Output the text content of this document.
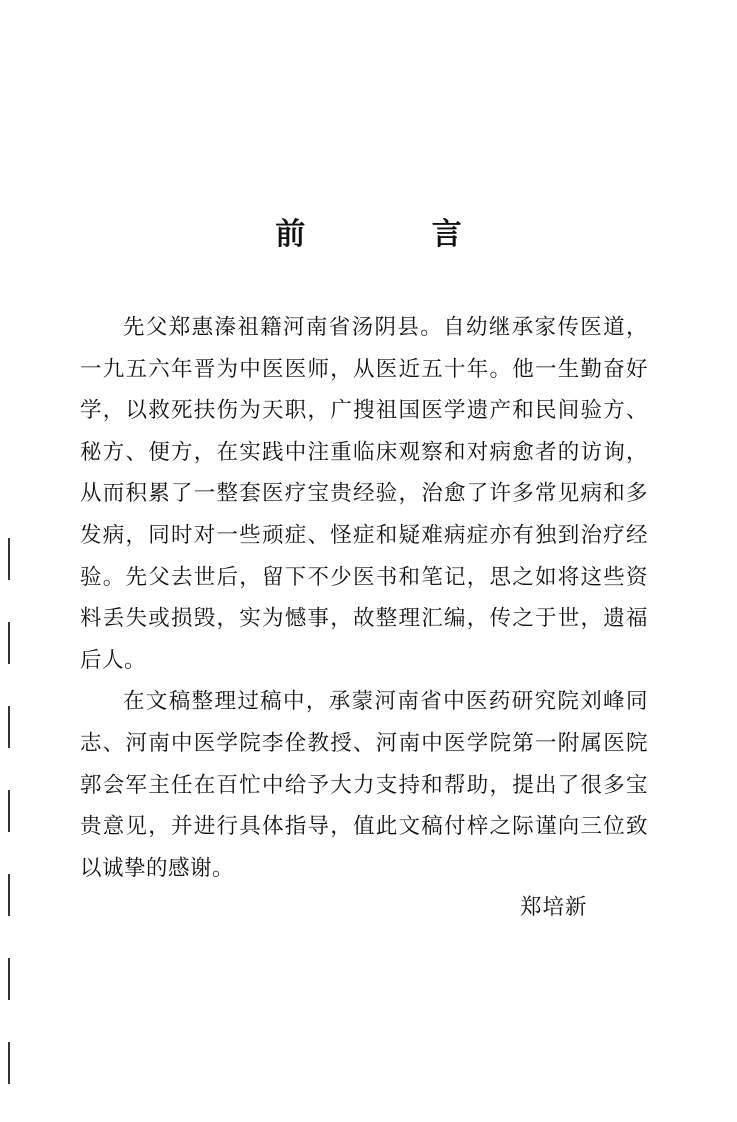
前 言

先父郑惠溱祖籍河南省汤阴县。自幼继承家传医道，一九五六年晋为中医医师，从医近五十年。他一生勤奋好学，以救死扶伤为天职，广搜祖国医学遗产和民间验方、秘方、便方，在实践中注重临床观察和对病愈者的访询，从而积累了一整套医疗宝贵经验，治愈了许多常见病和多发病，同时对一些顽症、怪症和疑难病症亦有独到治疗经验。先父去世后，留下不少医书和笔记，思之如将这些资料丢失或损毁，实为憾事，故整理汇编，传之于世，遗福后人。

在文稿整理过稿中，承蒙河南省中医药研究院刘峰同志、河南中医学院李佺教授、河南中医学院第一附属医院郭会军主任在百忙中给予大力支持和帮助，提出了很多宝贵意见，并进行具体指导，值此文稿付梓之际谨向三位致以诚挚的感谢。

郑培新
